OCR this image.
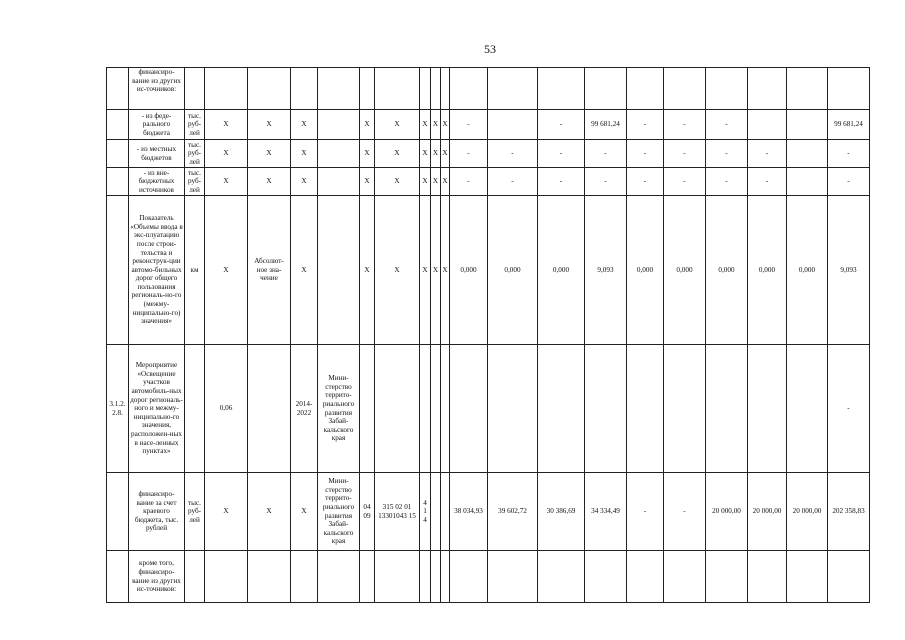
53
	финансиро-вание из других ис-точников:																				
	- из феде-рального бюджета	тыс. руб-лей	X	X	X		X	X	X	X	X	-		-	99 681,24	-	-	-			99 681,24
	- из местных бюджетов	тыс. руб-лей	X	X	X		X	X	X	X	X	-	-	-	-	-	-	-	-		-
	- из вне-бюджетных источников	тыс. руб-лей	X	X	X		X	X	X	X	X	-	-	-	-	-	-	-	-		-
	Показатель «Объемы ввода в экс-плуатацию после строи-тельства и реконструк-ции автомо-бильных дорог общего пользования региональ-но-го (межму-ниципально-го) значения»	км	X	Абсолют-ное зна-чение	X		X	X	X	X	X	0,000	0,000	0,000	9,093	0,000	0,000	0,000	0,000	0,000	9,093
3.1.2. 2.8.	Мероприятие «Освещение участков автомобиль-ных дорог региональ-ного и межму-ниципально-го значения, расположен-ных в насе-ленных пунктах»		0,06		2014-2022	Мини-стерство террито-риального развития Забай-кальского края															-
	финансиро-вание за счет краевого бюджета, тыс. рублей	тыс. руб-лей	X	X	X	Мини-стерство террито-риального развития Забай-кальского края	04 09	315 02 01 13301043 15	4 1 4			38 034,93	39 602,72	30 386,69	34 334,49	-	-	20 000,00	20 000,00	20 000,00	202 358,83
	кроме того, финансиро-вание из других ис-точников:																				
